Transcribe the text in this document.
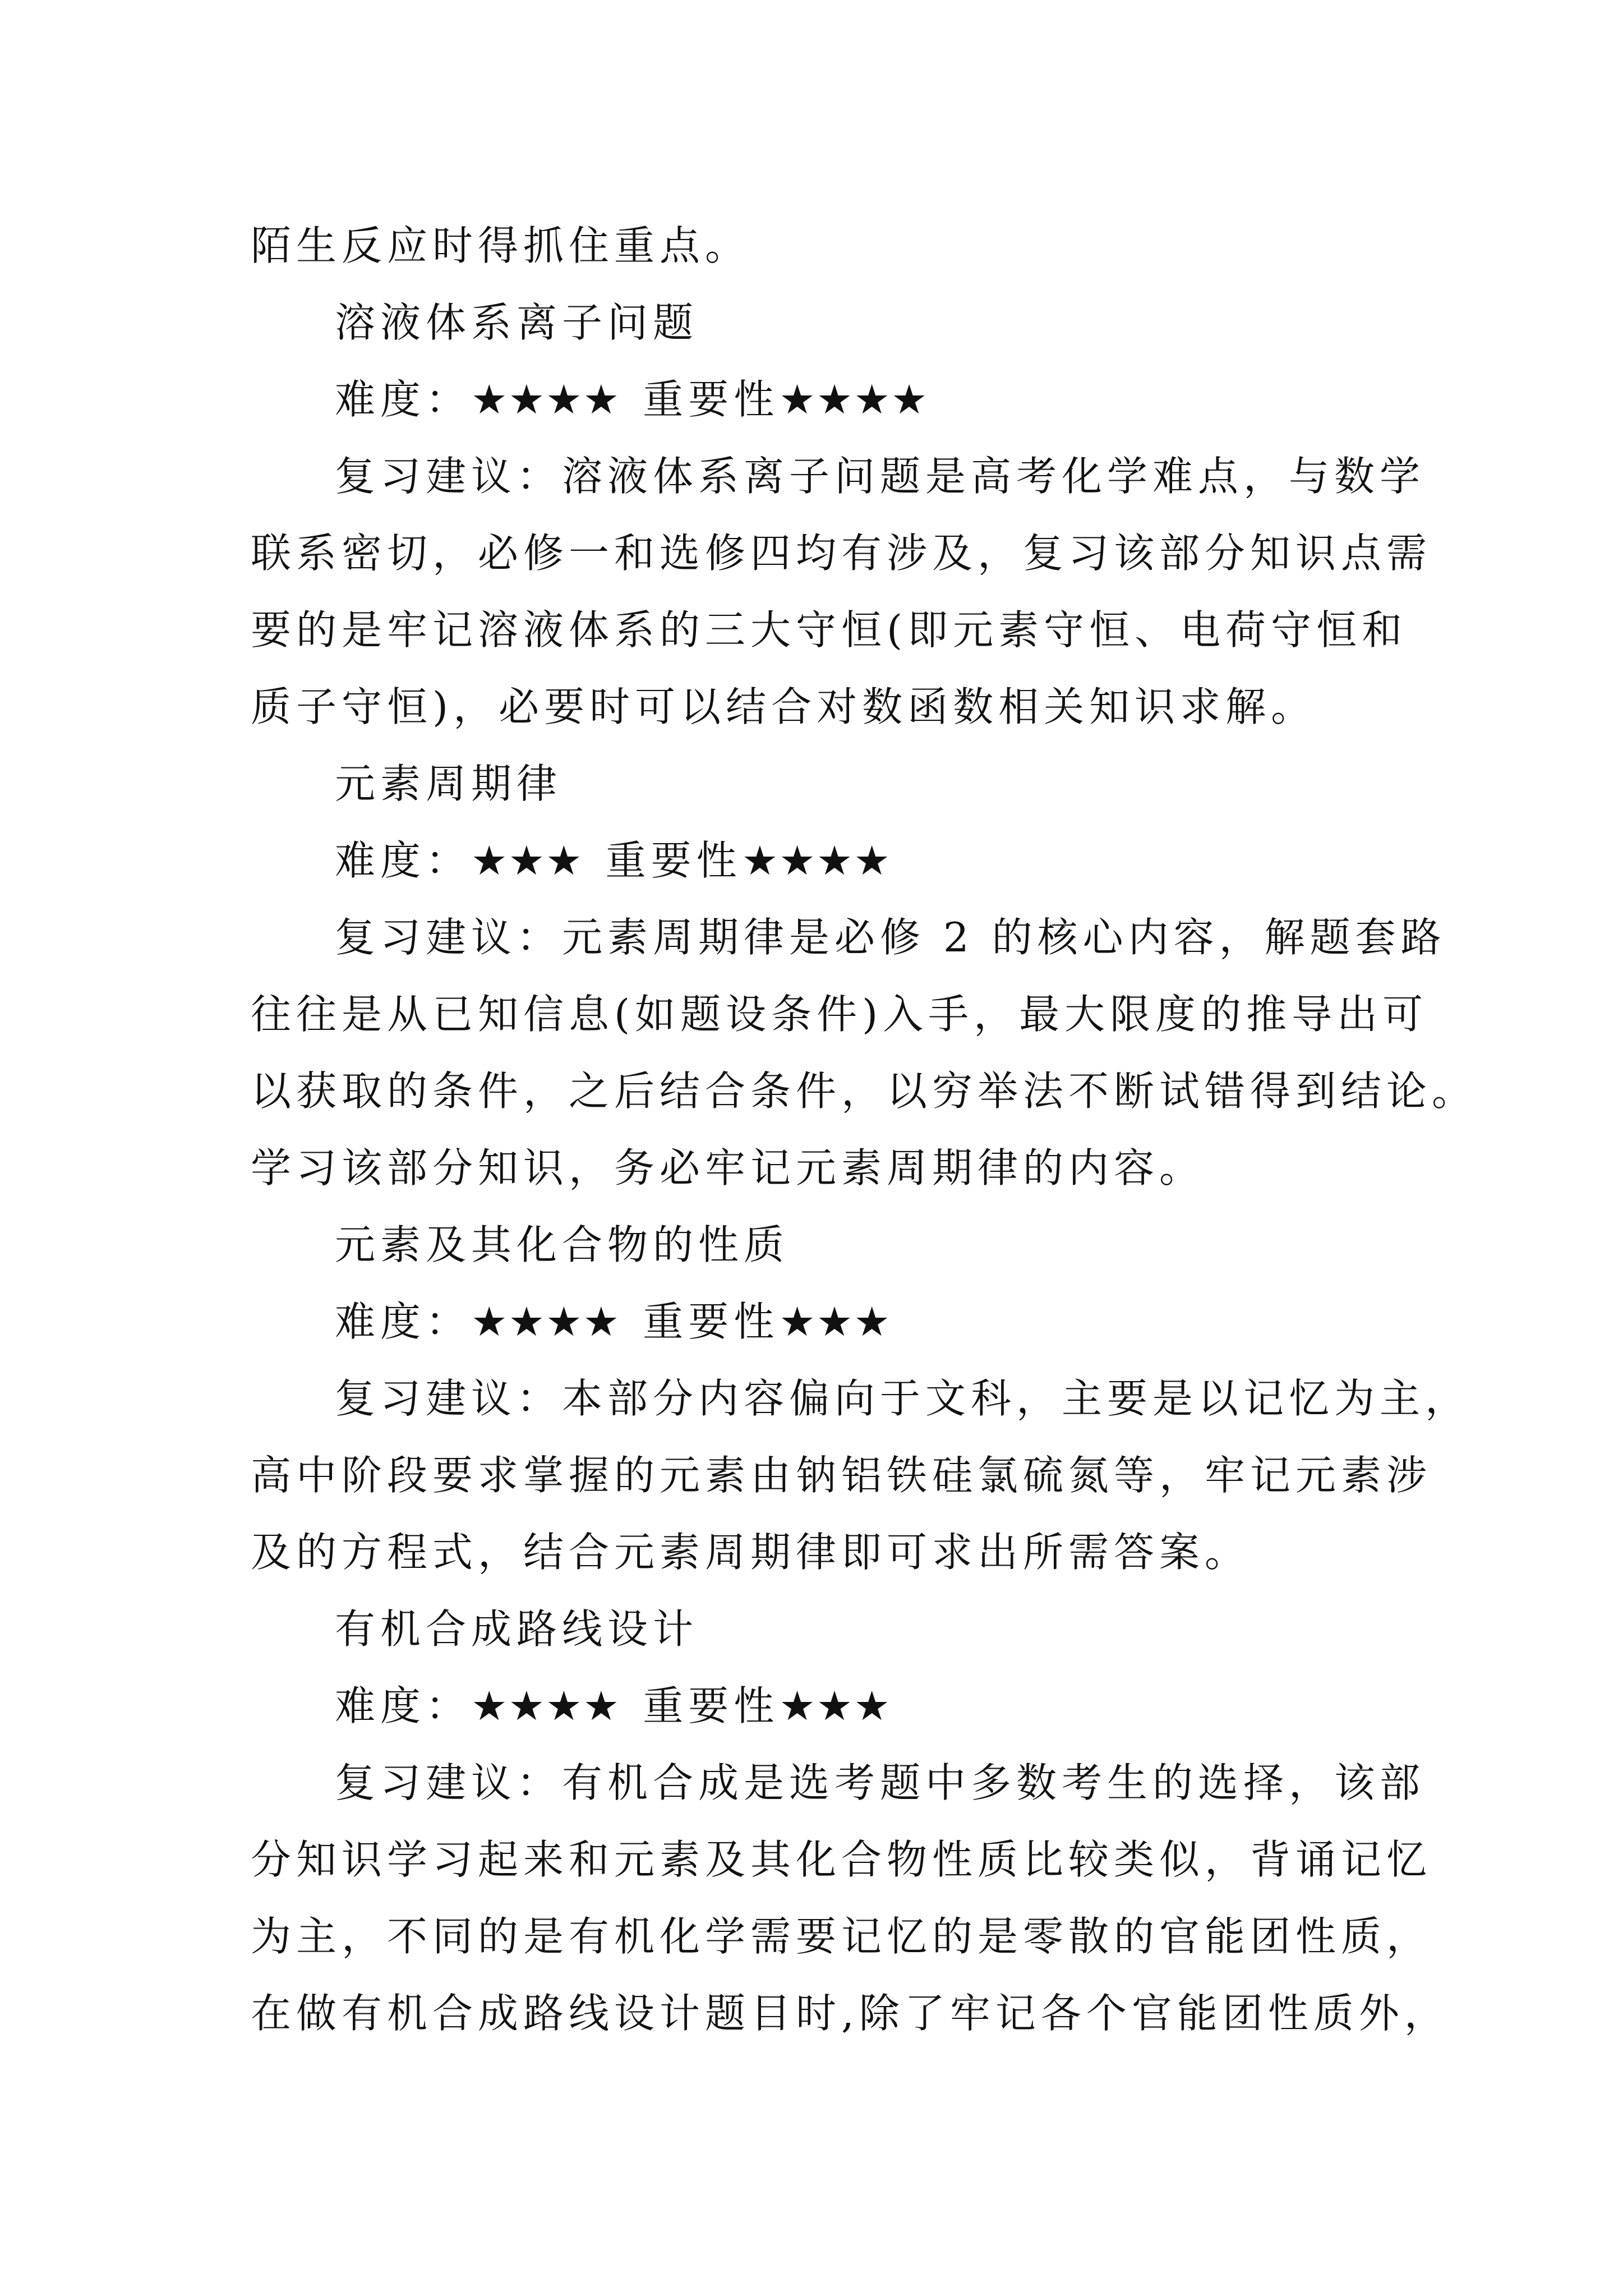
陌生反应时得抓住重点。

溶液体系离子问题

难度：★★★★ 重要性★★★★

复习建议：溶液体系离子问题是高考化学难点，与数学

联系密切，必修一和选修四均有涉及，复习该部分知识点需

要的是牢记溶液体系的三大守恒(即元素守恒、电荷守恒和

质子守恒)，必要时可以结合对数函数相关知识求解。

元素周期律

难度：★★★ 重要性★★★★

复习建议：元素周期律是必修 2 的核心内容，解题套路

往往是从已知信息(如题设条件)入手，最大限度的推导出可

以获取的条件，之后结合条件，以穷举法不断试错得到结论。

学习该部分知识，务必牢记元素周期律的内容。

元素及其化合物的性质

难度：★★★★ 重要性★★★

复习建议：本部分内容偏向于文科，主要是以记忆为主，

高中阶段要求掌握的元素由钠铝铁硅氯硫氮等，牢记元素涉

及的方程式，结合元素周期律即可求出所需答案。

有机合成路线设计

难度：★★★★ 重要性★★★

复习建议：有机合成是选考题中多数考生的选择，该部

分知识学习起来和元素及其化合物性质比较类似，背诵记忆

为主，不同的是有机化学需要记忆的是零散的官能团性质，

在做有机合成路线设计题目时,除了牢记各个官能团性质外，
